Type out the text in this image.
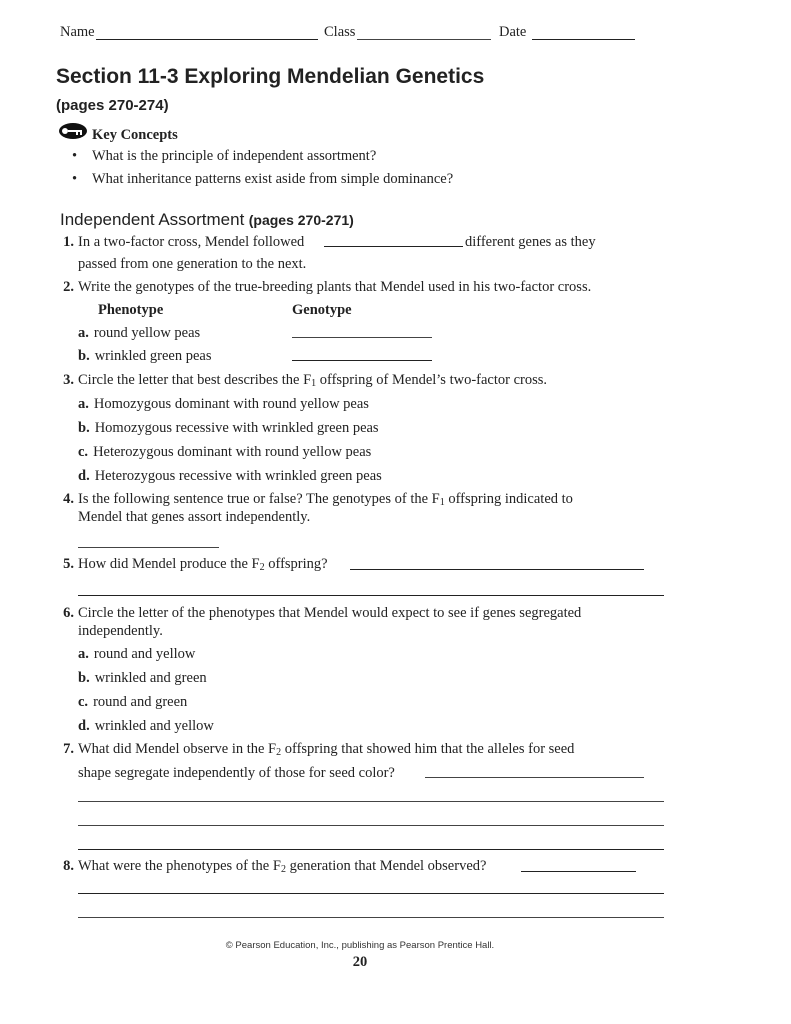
Name	Class	Date
Section 11-3 Exploring Mendelian Genetics
(pages 270-274)
Key Concepts
• What is the principle of independent assortment?
• What inheritance patterns exist aside from simple dominance?
Independent Assortment (pages 270-271)
1. In a two-factor cross, Mendel followed	different genes as they
passed from one generation to the next.
2. Write the genotypes of the true-breeding plants that Mendel used in his two-factor cross.
Phenotype	Genotype
a. round yellow peas
b. wrinkled green peas
3. Circle the letter that best describes the $F_1$ offspring of Mendel’s two-factor cross.
a. Homozygous dominant with round yellow peas
b. Homozygous recessive with wrinkled green peas
c. Heterozygous dominant with round yellow peas
d. Heterozygous recessive with wrinkled green peas
4. Is the following sentence true or false? The genotypes of the $F_1$ offspring indicated to
Mendel that genes assort independently.
5. How did Mendel produce the $F_2$ offspring?
6. Circle the letter of the phenotypes that Mendel would expect to see if genes segregated
independently.
a. round and yellow
b. wrinkled and green
c. round and green
d. wrinkled and yellow
7. What did Mendel observe in the $F_2$ offspring that showed him that the alleles for seed
shape segregate independently of those for seed color?
8. What were the phenotypes of the $F_2$ generation that Mendel observed?
© Pearson Education, Inc., publishing as Pearson Prentice Hall.
20
